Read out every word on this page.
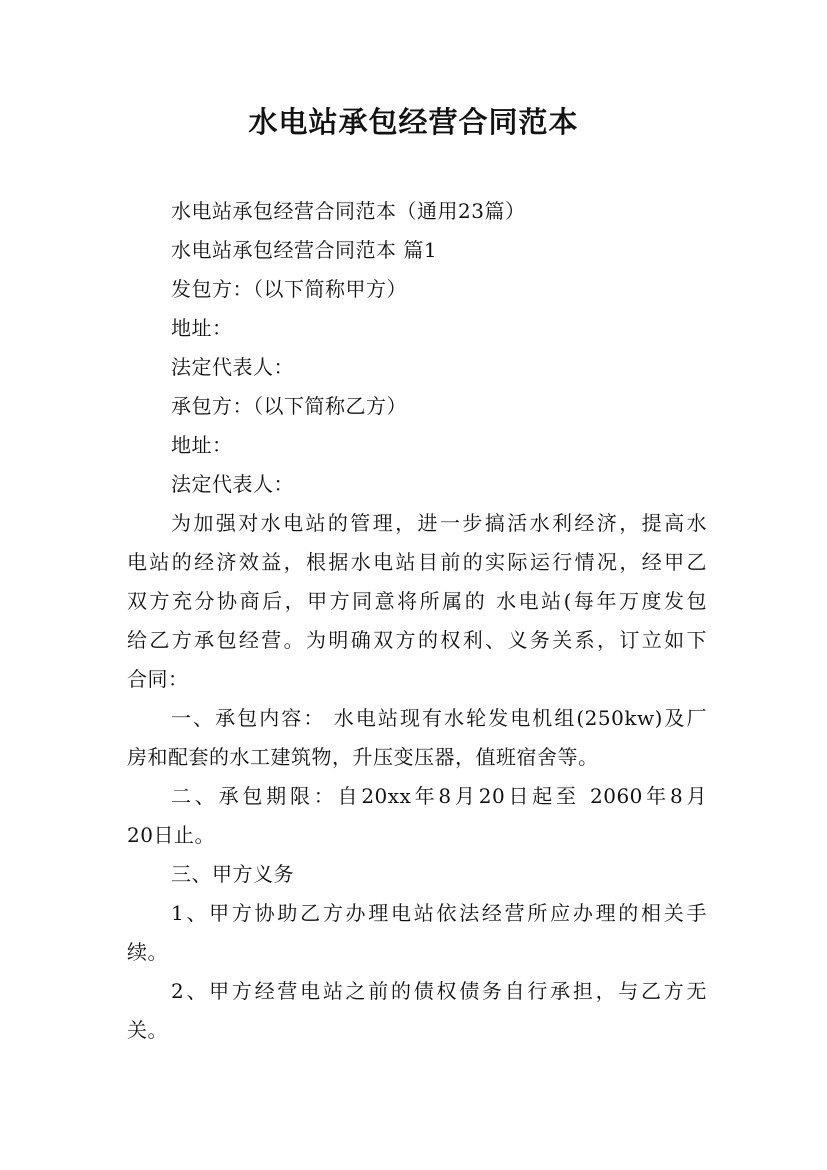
水电站承包经营合同范本
水电站承包经营合同范本（通用23篇）
水电站承包经营合同范本 篇1
发包方：（以下简称甲方）
地址：
法定代表人：
承包方：（以下简称乙方）
地址：
法定代表人：
为加强对水电站的管理，进一步搞活水利经济，提高水
电站的经济效益，根据水电站目前的实际运行情况，经甲乙
双方充分协商后，甲方同意将所属的 水电站(每年万度发包
给乙方承包经营。为明确双方的权利、义务关系，订立如下
合同：
一、承包内容： 水电站现有水轮发电机组(250kw)及厂
房和配套的水工建筑物，升压变压器，值班宿舍等。
二、承包期限：自20xx年8月20日起至 2060年8月
20日止。
三、甲方义务
1、甲方协助乙方办理电站依法经营所应办理的相关手
续。
2、甲方经营电站之前的债权债务自行承担，与乙方无
关。
